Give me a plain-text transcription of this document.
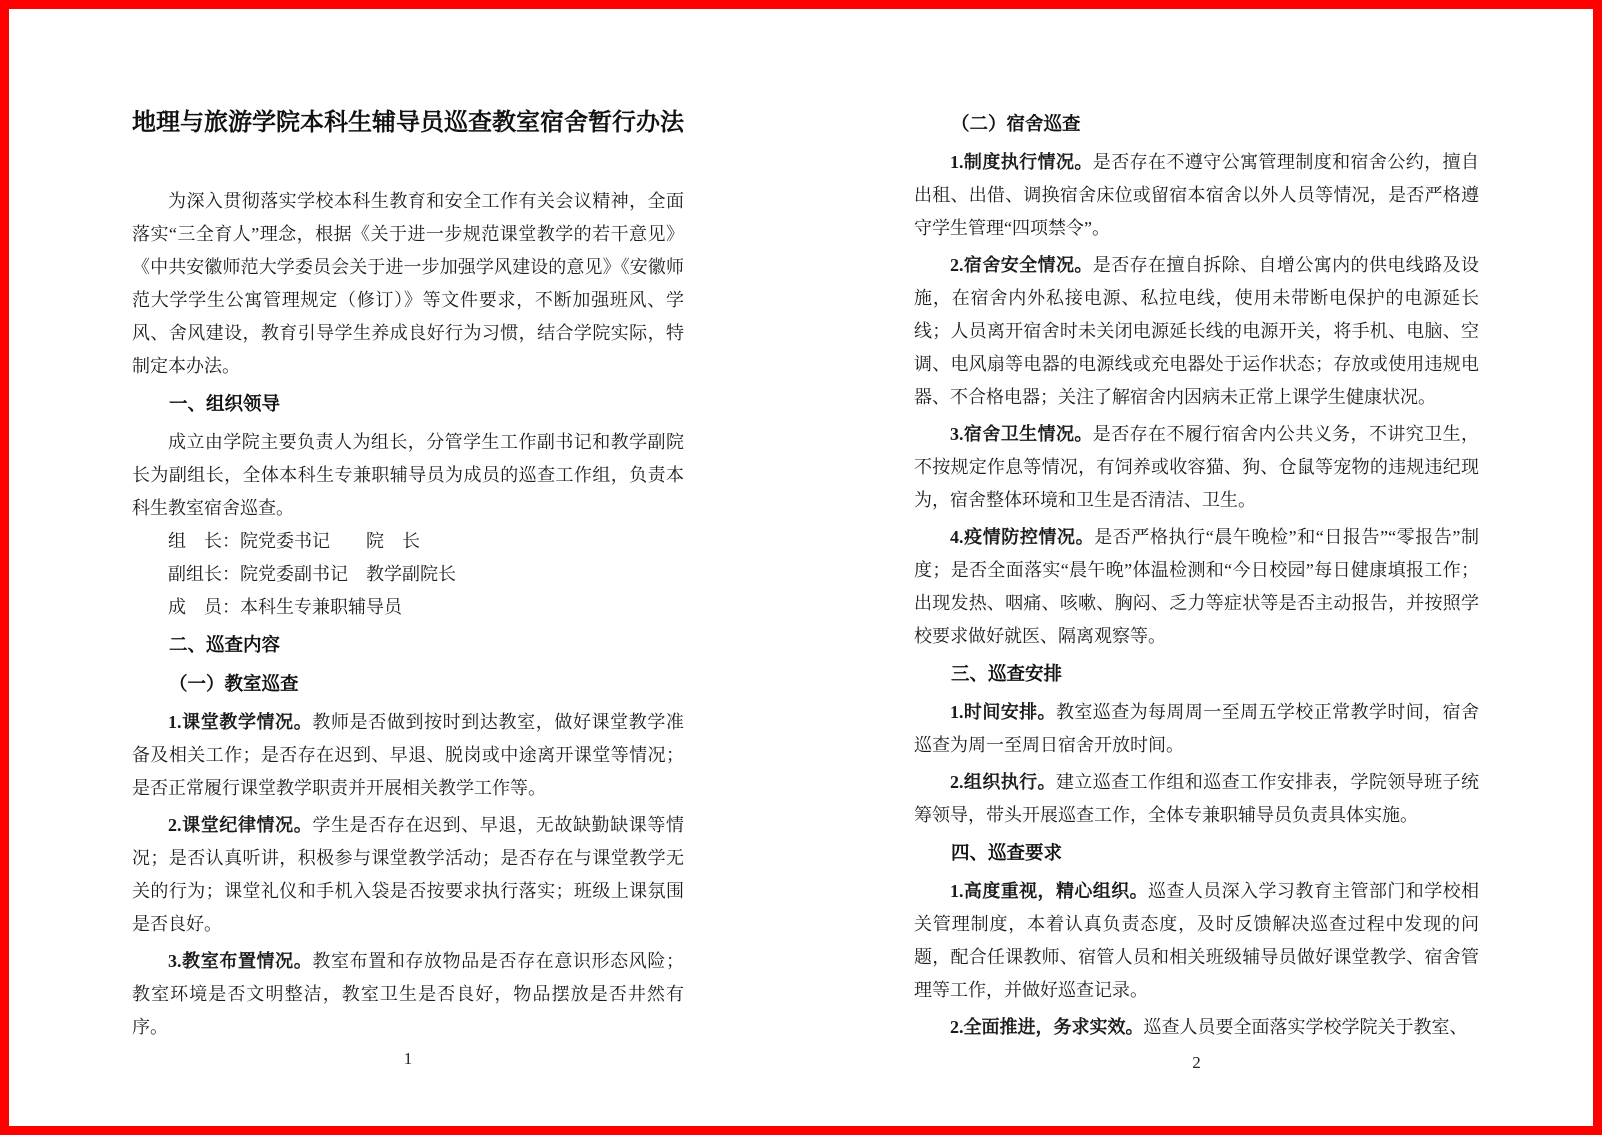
地理与旅游学院本科生辅导员巡查教室宿舍暂行办法

为深入贯彻落实学校本科生教育和安全工作有关会议精神，全面落实“三全育人”理念，根据《关于进一步规范课堂教学的若干意见》《中共安徽师范大学委员会关于进一步加强学风建设的意见》《安徽师范大学学生公寓管理规定（修订）》等文件要求，不断加强班风、学风、舍风建设，教育引导学生养成良好行为习惯，结合学院实际，特制定本办法。

一、组织领导

成立由学院主要负责人为组长，分管学生工作副书记和教学副院长为副组长，全体本科生专兼职辅导员为成员的巡查工作组，负责本科生教室宿舍巡查。

组　长：院党委书记　　院　长

副组长：院党委副书记　教学副院长

成　员：本科生专兼职辅导员

二、巡查内容

（一）教室巡查

1.课堂教学情况。教师是否做到按时到达教室，做好课堂教学准备及相关工作；是否存在迟到、早退、脱岗或中途离开课堂等情况；是否正常履行课堂教学职责并开展相关教学工作等。

2.课堂纪律情况。学生是否存在迟到、早退，无故缺勤缺课等情况；是否认真听讲，积极参与课堂教学活动；是否存在与课堂教学无关的行为；课堂礼仪和手机入袋是否按要求执行落实；班级上课氛围是否良好。

3.教室布置情况。教室布置和存放物品是否存在意识形态风险；教室环境是否文明整洁，教室卫生是否良好，物品摆放是否井然有序。

（二）宿舍巡查

1.制度执行情况。是否存在不遵守公寓管理制度和宿舍公约，擅自出租、出借、调换宿舍床位或留宿本宿舍以外人员等情况，是否严格遵守学生管理“四项禁令”。

2.宿舍安全情况。是否存在擅自拆除、自增公寓内的供电线路及设施，在宿舍内外私接电源、私拉电线，使用未带断电保护的电源延长线；人员离开宿舍时未关闭电源延长线的电源开关，将手机、电脑、空调、电风扇等电器的电源线或充电器处于运作状态；存放或使用违规电器、不合格电器；关注了解宿舍内因病未正常上课学生健康状况。

3.宿舍卫生情况。是否存在不履行宿舍内公共义务，不讲究卫生，不按规定作息等情况，有饲养或收容猫、狗、仓鼠等宠物的违规违纪现为，宿舍整体环境和卫生是否清洁、卫生。

4.疫情防控情况。是否严格执行“晨午晚检”和“日报告”“零报告”制度；是否全面落实“晨午晚”体温检测和“今日校园”每日健康填报工作；出现发热、咽痛、咳嗽、胸闷、乏力等症状等是否主动报告，并按照学校要求做好就医、隔离观察等。

三、巡查安排

1.时间安排。教室巡查为每周周一至周五学校正常教学时间，宿舍巡查为周一至周日宿舍开放时间。

2.组织执行。建立巡查工作组和巡查工作安排表，学院领导班子统筹领导，带头开展巡查工作，全体专兼职辅导员负责具体实施。

四、巡查要求

1.高度重视，精心组织。巡查人员深入学习教育主管部门和学校相关管理制度，本着认真负责态度，及时反馈解决巡查过程中发现的问题，配合任课教师、宿管人员和相关班级辅导员做好课堂教学、宿舍管理等工作，并做好巡查记录。

2.全面推进，务求实效。巡查人员要全面落实学校学院关于教室、

1	2
